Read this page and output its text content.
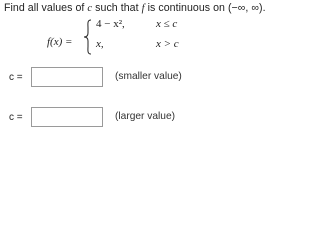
Find all values of c such that f is continuous on (−∞, ∞).
f(x) =
4 − x²,	x ≤ c
x,	x > c
c =	(smaller value)
c =	(larger value)
